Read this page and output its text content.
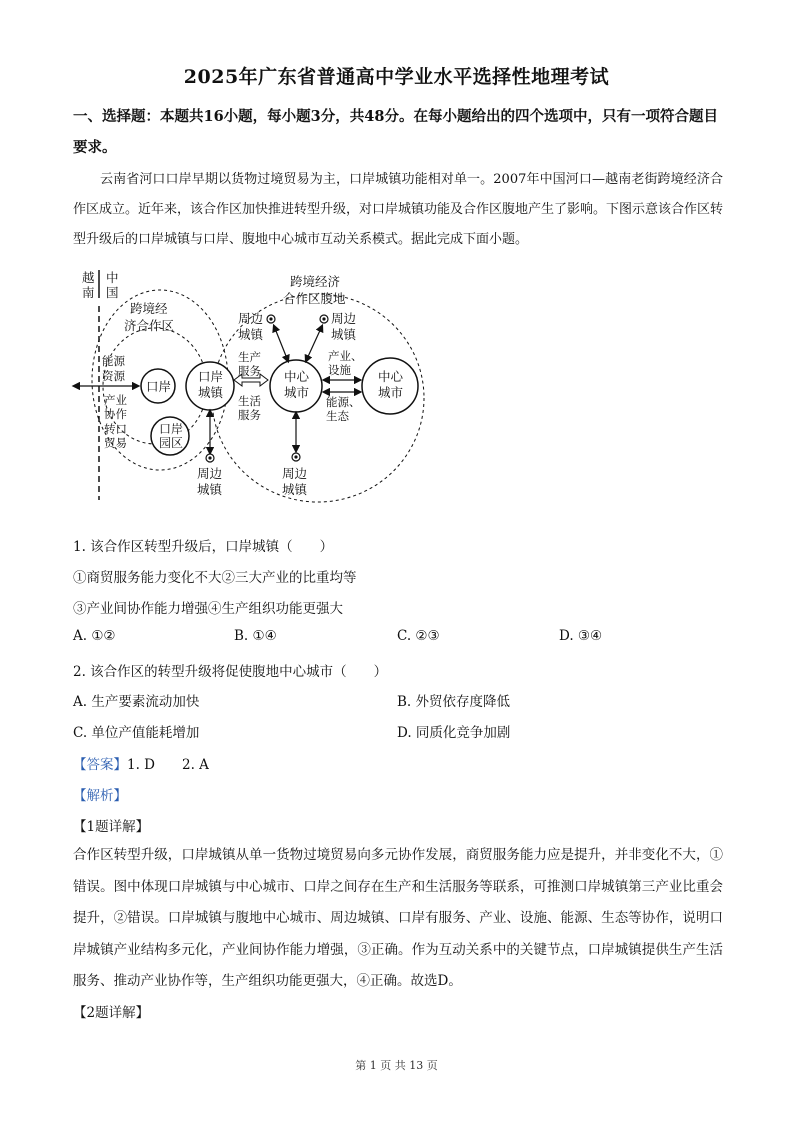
2025年广东省普通高中学业水平选择性地理考试
一、选择题：本题共16小题，每小题3分，共48分。在每小题给出的四个选项中，只有一项符合题目要求。
云南省河口口岸早期以货物过境贸易为主，口岸城镇功能相对单一。2007年中国河口—越南老街跨境经济合作区成立。近年来，该合作区加快推进转型升级，对口岸城镇功能及合作区腹地产生了影响。下图示意该合作区转型升级后的口岸城镇与口岸、腹地中心城市互动关系模式。据此完成下面小题。
越南
中国
跨境经
济合作区
跨境经济
合作区腹地
能源
资源
产业
协作
转口
贸易
口岸
口岸
园区
口岸
城镇
周边
城镇
生产
服务
生活
服务
中心
城市
周边
城镇
周边
城镇
周边
城镇
产业、
设施
能源、
生态
中心
城市
1. 该合作区转型升级后，口岸城镇（　　）
①商贸服务能力变化不大②三大产业的比重均等
③产业间协作能力增强④生产组织功能更强大
A. ①②	B. ①④	C. ②③	D. ③④
2. 该合作区的转型升级将促使腹地中心城市（　　）
A. 生产要素流动加快	B. 外贸依存度降低
C. 单位产值能耗增加	D. 同质化竞争加剧
【答案】1. D　　2. A
【解析】
【1题详解】
合作区转型升级，口岸城镇从单一货物过境贸易向多元协作发展，商贸服务能力应是提升，并非变化不大，①错误。图中体现口岸城镇与中心城市、口岸之间存在生产和生活服务等联系，可推测口岸城镇第三产业比重会提升，②错误。口岸城镇与腹地中心城市、周边城镇、口岸有服务、产业、设施、能源、生态等协作，说明口岸城镇产业结构多元化，产业间协作能力增强，③正确。作为互动关系中的关键节点，口岸城镇提供生产生活服务、推动产业协作等，生产组织功能更强大，④正确。故选D。
【2题详解】
第 1 页 共 13 页
